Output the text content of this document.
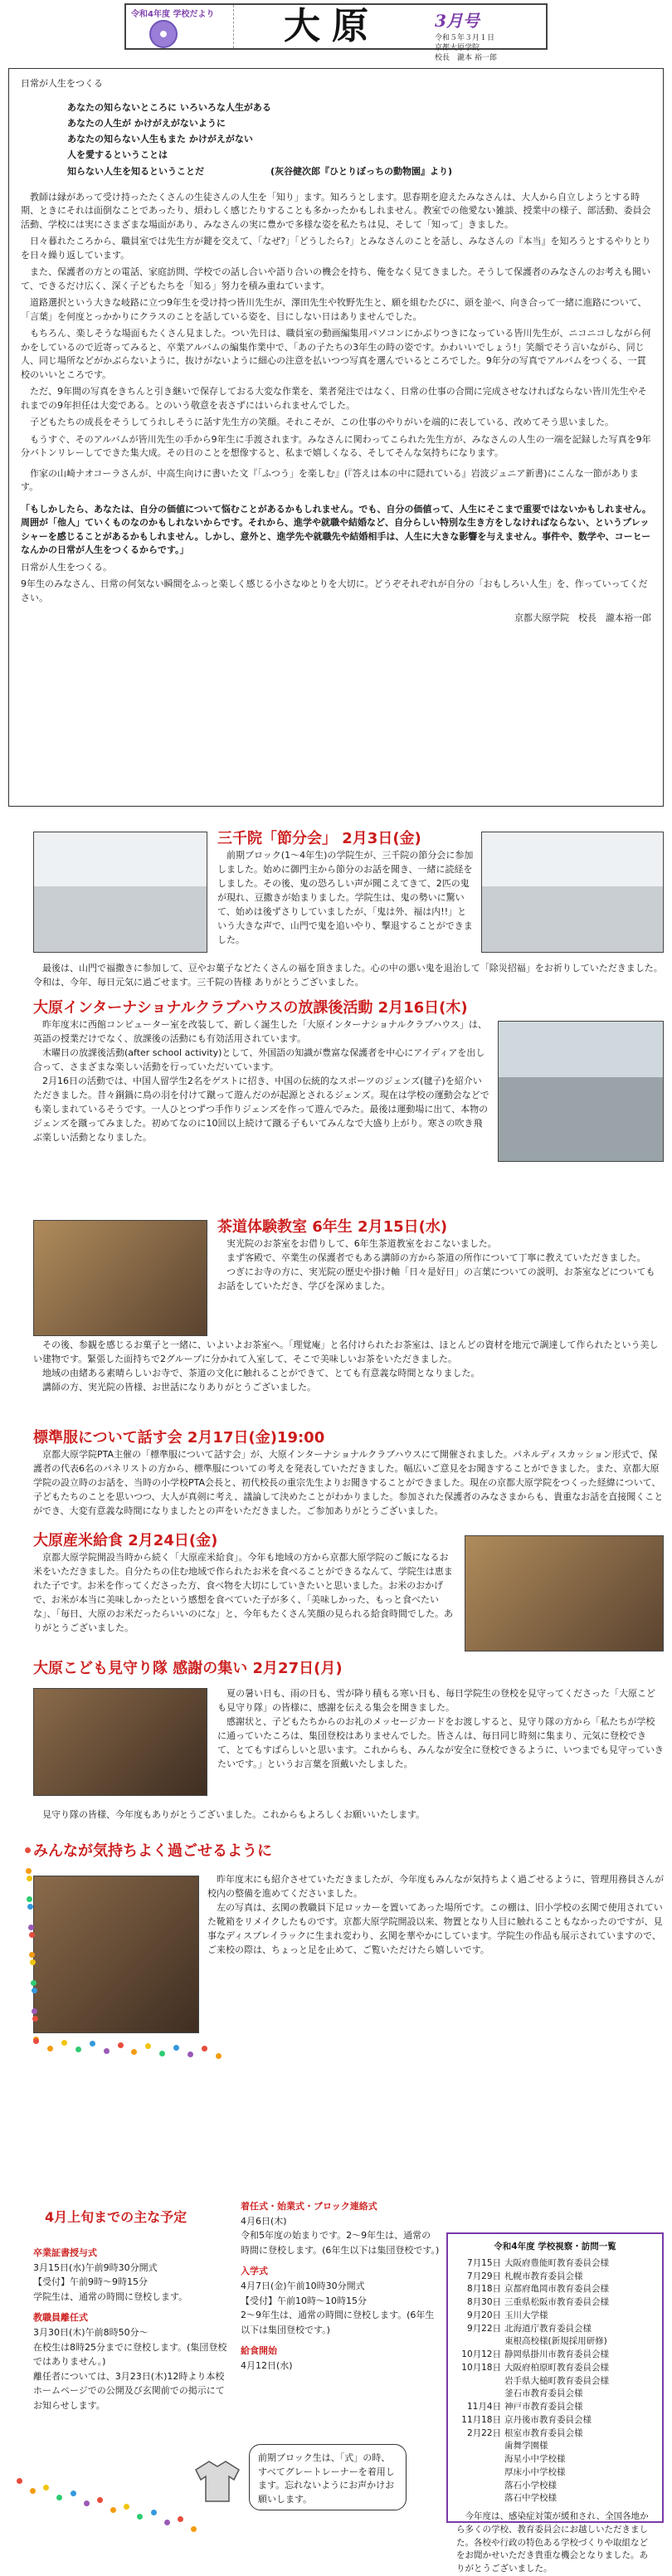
令和4年度 学校だより	大原	3月号
令和５年３月１日
京都大原学院
校長　瀧本 裕一郎

日常が人生をつくる

あなたの知らないところに いろいろな人生がある
あなたの人生が かけがえがないように
あなたの知らない人生もまた かけがえがない
人を愛するということは
知らない人生を知るということだ	(灰谷健次郎『ひとりぼっちの動物園』より)

教師は縁があって受け持ったたくさんの生徒さんの人生を「知り」ます。知ろうとします。思春期を迎えたみなさんは、大人から自立しようとする時期、ときにそれは面倒なことであったり、煩わしく感じたりすることも多かったかもしれません。教室での他愛ない雑談、授業中の様子、部活動、委員会活動、学校には実にさまざまな場面があり、みなさんの実に豊かで多様な姿を私たちは見、そして「知って」きました。

日々暮れたころから、職員室では先生方が鍵を交えて、「なぜ?」「どうしたら?」とみなさんのことを話し、みなさんの『本当』を知ろうとするやりとりを日々繰り返しています。

また、保護者の方との電話、家庭訪問、学校での話し合いや語り合いの機会を持ち、俺をなく見てきました。そうして保護者のみなさんのお考えも聞いて、できるだけ広く、深く子どもたちを「知る」努力を積み重ねています。

道路選択という大きな岐路に立つ9年生を受け持つ皆川先生が、澤田先生や牧野先生と、願を組むたびに、頭を並べ、向き合って一緒に進路について、「言葉」を何度とっかかりにクラスのことを話している姿を、目にしない日はありませんでした。

もちろん、楽しそうな場面もたくさん見ました。つい先日は、職員室の動画編集用パソコンにかぶりつきになっている皆川先生が、ニコニコしながら何かをしているので近寄ってみると、卒業アルバムの編集作業中で、「あの子たちの3年生の時の姿です。かわいいでしょう!」笑顔でそう言いながら、同じ人、同じ場所などがかぶらないように、抜けがないように細心の注意を払いつつ写真を選んでいるところでした。9年分の写真でアルバムをつくる、一貫校のいいところです。

ただ、9年間の写真をきちんと引き継いで保存しておる大変な作業を、業者発注ではなく、日常の仕事の合間に完成させなければならない皆川先生やそれまでの9年担任は大変である。とのいう敬意を表さずにはいられませんでした。

子どもたちの成長をそうしてうれしそうに話す先生方の笑顔。それこそが、この仕事のやりがいを端的に表している、改めてそう思いました。

もうすぐ、そのアルバムが皆川先生の手から9年生に手渡されます。みなさんに関わってこられた先生方が、みなさんの人生の一端を記録した写真を9年分バトンリレーしてできた集大成。その日のことを想像すると、私まで嬉しくなる、そしてそんな気持ちになります。

作家の山崎ナオコーラさんが、中高生向けに書いた文『「ふつう」を楽しむ』(『答えは本の中に隠れている』岩波ジュニア新書)にこんな一節があります。

「もしかしたら、あなたは、自分の価値について悩むことがあるかもしれません。でも、自分の価値って、人生にそこまで重要ではないかもしれません。周囲が「他人」ていくものなのかもしれないからです。それから、進学や就職や結婚など、自分らしい特別な生き方をしなければならない、というプレッシャーを感じることがあるかもしれません。しかし、意外と、進学先や就職先や結婚相手は、人生に大きな影響を与えません。事件や、数学や、コーヒーなんかの日常が人生をつくるからです。」

日常が人生をつくる。

9年生のみなさん、日常の何気ない瞬間をふっと楽しく感じる小さなゆとりを大切に。どうぞそれぞれが自分の「おもしろい人生」を、作っていってください。

京都大原学院　校長　瀧本裕一郎

三千院「節分会」 2月3日(金)

前期ブロック(1～4年生)の学院生が、三千院の節分会に参加しました。始めに御門主から節分のお話を聞き、一緒に読経をしました。その後、鬼の恐ろしい声が聞こえてきて、2匹の鬼が現れ、豆撒きが始まりました。学院生は、鬼の勢いに驚いて、始めは後ずさりしていましたが、「鬼は外、福は内!!」という大きな声で、山門で鬼を追いやり、撃退することができました。

最後は、山門で福撒きに参加して、豆やお菓子などたくさんの福を頂きました。心の中の悪い鬼を退治して「除災招福」をお祈りしていただきました。令和は、今年、毎日元気に過ごせます。三千院の皆様 ありがとうございました。

大原インターナショナルクラブハウスの放課後活動 2月16日(木)

昨年度末に西館コンピューター室を改装して、新しく誕生した「大原インターナショナルクラブハウス」は、英語の授業だけでなく、放課後の活動にも有効活用されています。

木曜日の放課後活動(after school activity)として、外国語の知識が豊富な保護者を中心にアイディアを出し合って、さまざまな楽しい活動を行っていただいています。

2月16日の活動では、中国人留学生2名をゲストに招き、中国の伝統的なスポーツのジェンズ(毽子)を紹介いただきました。昔々銅鍋に鳥の羽を付けて蹴って遊んだのが起源とされるジェンズ。現在は学校の運動会などでも楽しまれているそうです。一人ひとつずつ手作りジェンズを作って遊んでみた。最後は運動場に出て、本物のジェンズを蹴ってみました。初めてなのに10回以上続けて蹴る子もいてみんなで大盛り上がり。寒さの吹き飛ぶ楽しい活動となりました。

茶道体験教室 6年生 2月15日(水)

実光院のお茶室をお借りして、6年生茶道教室をおこないました。

まず客殿で、卒業生の保護者でもある講師の方から茶道の所作について丁寧に教えていただきました。

つぎにお寺の方に、実光院の歴史や掛け軸「日々是好日」の言葉についての説明、お茶室などについてもお話をしていただき、学びを深めました。

その後、参観を感じるお菓子と一緒に、いよいよお茶室へ。「理覚庵」と名付けられたお茶室は、ほとんどの資材を地元で調達して作られたという美しい建物です。緊張した面持ちで2グループに分かれて入室して、そこで美味しいお茶をいただきました。

地域の由緒ある素晴らしいお寺で、茶道の文化に触れることができて、とても有意義な時間となりました。

講師の方、実光院の皆様、お世話になりありがとうございました。

標準服について話す会 2月17日(金)19:00

京都大原学院PTA主催の「標準服について話す会」が、大原インターナショナルクラブハウスにて開催されました。パネルディスカッション形式で、保護者の代表6名のパネリストの方から、標準服についての考えを発表していただきました。幅広いご意見をお聞きすることができました。また、京都大原学院の設立時のお話を、当時の小学校PTA会長と、初代校長の重宗先生よりお聞きすることができました。現在の京都大原学院をつくった経緯について、子どもたちのことを思いつつ、大人が真剣に考え、議論して決めたことがわかりました。参加された保護者のみなさまからも、貴重なお話を直接聞くことができ、大変有意義な時間になりましたとの声をいただきました。ご参加ありがとうございました。

大原産米給食 2月24日(金)

京都大原学院開設当時から続く「大原産米給食」。今年も地域の方から京都大原学院のご飯になるお米をいただきました。自分たちの住む地域で作られたお米を食べることができるなんて、学院生は恵まれた子です。お米を作ってくださった方、食べ物を大切にしていきたいと思いました。お米のおかげで、お米が本当に美味しかったという感想を食べていた子が多く、「美味しかった、もっと食べたいな」、「毎日、大原のお米だったらいいのにな」と、今年もたくさん笑顔の見られる給食時間でした。ありがとうございました。

大原こども見守り隊 感謝の集い 2月27日(月)

夏の暑い日も、雨の日も、雪が降り積もる寒い日も、毎日学院生の登校を見守ってくださった「大原こども見守り隊」の皆様に、感謝を伝える集会を開きました。

感謝状と、子どもたちからのお礼のメッセージカードをお渡しすると、見守り隊の方から「私たちが学校に通っていたころは、集団登校はありませんでした。皆さんは、毎日同じ時刻に集まり、元気に登校できて、とてもすばらしいと思います。これからも、みんなが安全に登校できるように、いつまでも見守っていきたいです。」というお言葉を頂戴いたしました。

見守り隊の皆様、今年度もありがとうございました。これからもよろしくお願いいたします。

みんなが気持ちよく過ごせるように

昨年度末にも紹介させていただきましたが、今年度もみんなが気持ちよく過ごせるように、管理用務員さんが校内の整備を進めてくださいました。

左の写真は、玄関の教職員下足ロッカーを置いてあった場所です。この棚は、旧小学校の玄関で使用されていた靴箱をリメイクしたものです。京都大原学院開設以来、物置となり人目に触れることもなかったのですが、見事なディスプレイラックに生まれ変わり、玄関を華やかにしています。学院生の作品も展示されていますので、ご来校の際は、ちょっと足を止めて、ご覧いただけたら嬉しいです。

4月上旬までの主な予定
卒業証書授与式
3月15日(水)午前9時30分開式
【受付】午前9時～9時15分
学院生は、通常の時間に登校します。
教職員離任式
3月30日(木)午前8時50分～
在校生は8時25分までに登校します。(集団登校ではありません。)
離任者については、3月23日(木)12時より本校ホームページでの公開及び玄関前での掲示にてお知らせします。
着任式・始業式・ブロック連絡式
4月6日(木)
令和5年度の始まりです。2～9年生は、通常の時間に登校します。(6年生以下は集団登校です。)
入学式
4月7日(金)午前10時30分開式
【受付】午前10時～10時15分
2～9年生は、通常の時間に登校します。(6年生以下は集団登校です。)
給食開始
4月12日(水)
前期ブロック生は、「式」の時、すべてグレートレーナーを着用します。忘れないようにお声かけお願いします。
令和4年度 学校視察・訪問一覧
7月15日 大阪府豊能町教育委員会様
7月29日 札幌市教育委員会様
8月18日 京都府亀岡市教育委員会様
8月30日 三重県松阪市教育委員会様
9月20日 玉川大学様
9月22日 北海道庁教育委員会様
東根高校様(新規採用研修)
10月12日 静岡県掛川市教育委員会様
10月18日 大阪府柏原町教育委員会様
岩手県大槌町教育委員会様
釜石市教育委員会様
11月4日 神戸市教育委員会様
11月18日 京丹後市教育委員会様
2月22日 根室市教育委員会様
歯舞学園様
海星小中学校様
厚床小中学校様
落石小学校様
落石中学校様
今年度は、感染症対策が緩和され、全国各地から多くの学校、教育委員会にお越しいただきました。各校や行政の特色ある学校づくりや取組などをお聞かせいただき貴重な機会となりました。ありがとうございました。
